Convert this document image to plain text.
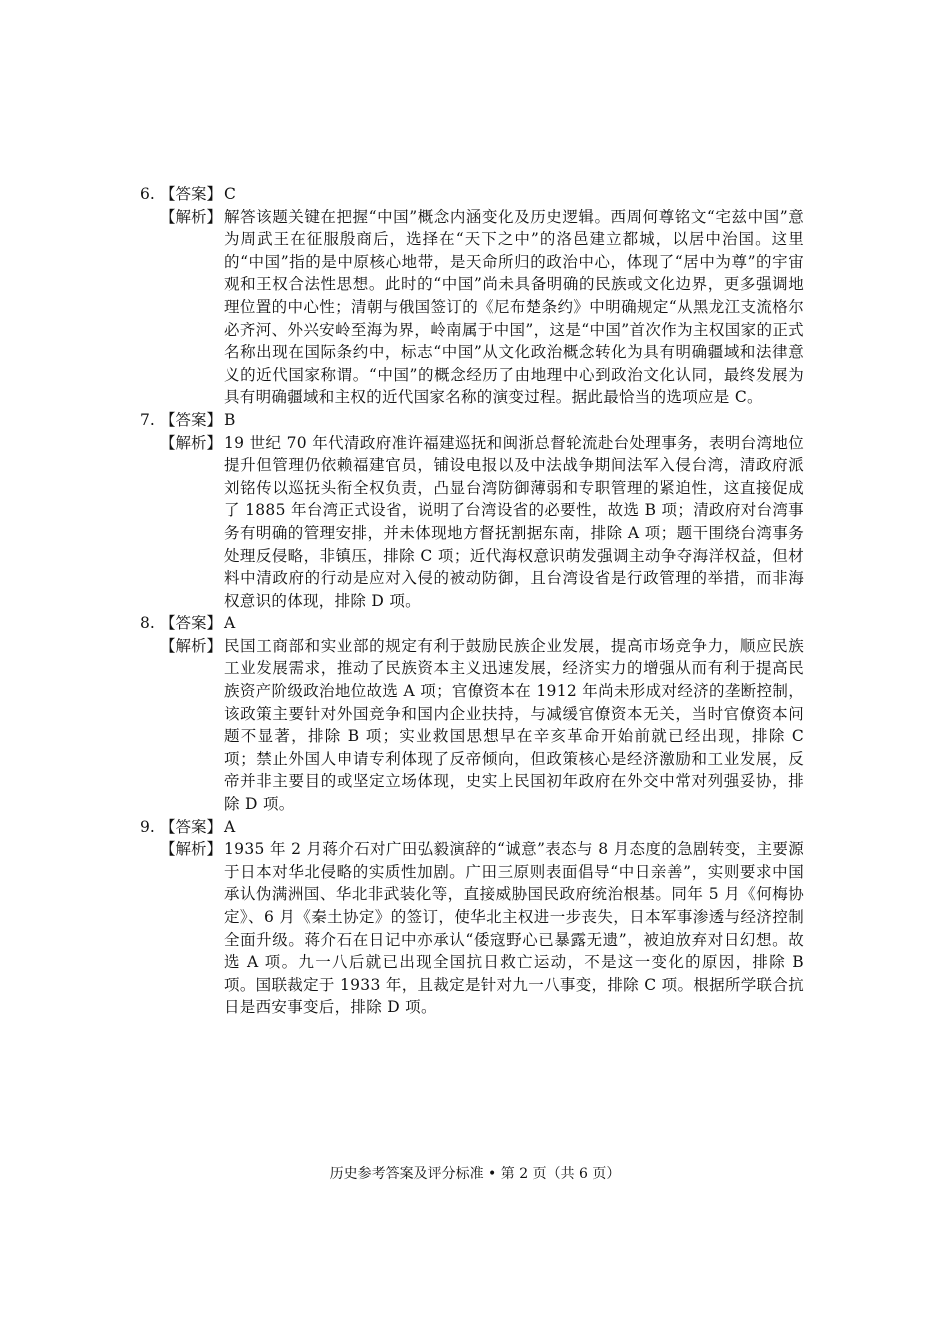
6. 【答案】 C
【解析】 解答该题关键在把握“中国”概念内涵变化及历史逻辑。西周何尊铭文“宅兹中国”意为周武王在征服殷商后，选择在“天下之中”的洛邑建立都城，以居中治国。这里的“中国”指的是中原核心地带，是天命所归的政治中心，体现了“居中为尊”的宇宙观和王权合法性思想。此时的“中国”尚未具备明确的民族或文化边界，更多强调地理位置的中心性；清朝与俄国签订的《尼布楚条约》中明确规定“从黑龙江支流格尔必齐河、外兴安岭至海为界，岭南属于中国”，这是“中国”首次作为主权国家的正式名称出现在国际条约中，标志“中国”从文化政治概念转化为具有明确疆域和法律意义的近代国家称谓。“中国”的概念经历了由地理中心到政治文化认同，最终发展为具有明确疆域和主权的近代国家名称的演变过程。据此最恰当的选项应是 C。
7. 【答案】 B
【解析】 19 世纪 70 年代清政府准许福建巡抚和闽浙总督轮流赴台处理事务，表明台湾地位提升但管理仍依赖福建官员，铺设电报以及中法战争期间法军入侵台湾，清政府派刘铭传以巡抚头衔全权负责，凸显台湾防御薄弱和专职管理的紧迫性，这直接促成了 1885 年台湾正式设省，说明了台湾设省的必要性，故选 B 项；清政府对台湾事务有明确的管理安排，并未体现地方督抚割据东南，排除 A 项；题干围绕台湾事务处理反侵略，非镇压，排除 C 项；近代海权意识萌发强调主动争夺海洋权益，但材料中清政府的行动是应对入侵的被动防御，且台湾设省是行政管理的举措，而非海权意识的体现，排除 D 项。
8. 【答案】 A
【解析】 民国工商部和实业部的规定有利于鼓励民族企业发展，提高市场竞争力，顺应民族工业发展需求，推动了民族资本主义迅速发展，经济实力的增强从而有利于提高民族资产阶级政治地位故选 A 项；官僚资本在 1912 年尚未形成对经济的垄断控制，该政策主要针对外国竞争和国内企业扶持，与减缓官僚资本无关，当时官僚资本问题不显著，排除 B 项；实业救国思想早在辛亥革命开始前就已经出现，排除 C 项；禁止外国人申请专利体现了反帝倾向，但政策核心是经济激励和工业发展，反帝并非主要目的或坚定立场体现，史实上民国初年政府在外交中常对列强妥协，排除 D 项。
9. 【答案】 A
【解析】 1935 年 2 月蒋介石对广田弘毅演辞的“诚意”表态与 8 月态度的急剧转变，主要源于日本对华北侵略的实质性加剧。广田三原则表面倡导“中日亲善”，实则要求中国承认伪满洲国、华北非武装化等，直接威胁国民政府统治根基。同年 5 月《何梅协定》、6 月《秦土协定》的签订，使华北主权进一步丧失，日本军事渗透与经济控制全面升级。蒋介石在日记中亦承认“倭寇野心已暴露无遗”，被迫放弃对日幻想。故选 A 项。九一八后就已出现全国抗日救亡运动，不是这一变化的原因，排除 B 项。国联裁定于 1933 年，且裁定是针对九一八事变，排除 C 项。根据所学联合抗日是西安事变后，排除 D 项。
历史参考答案及评分标准 • 第 2 页（共 6 页）
